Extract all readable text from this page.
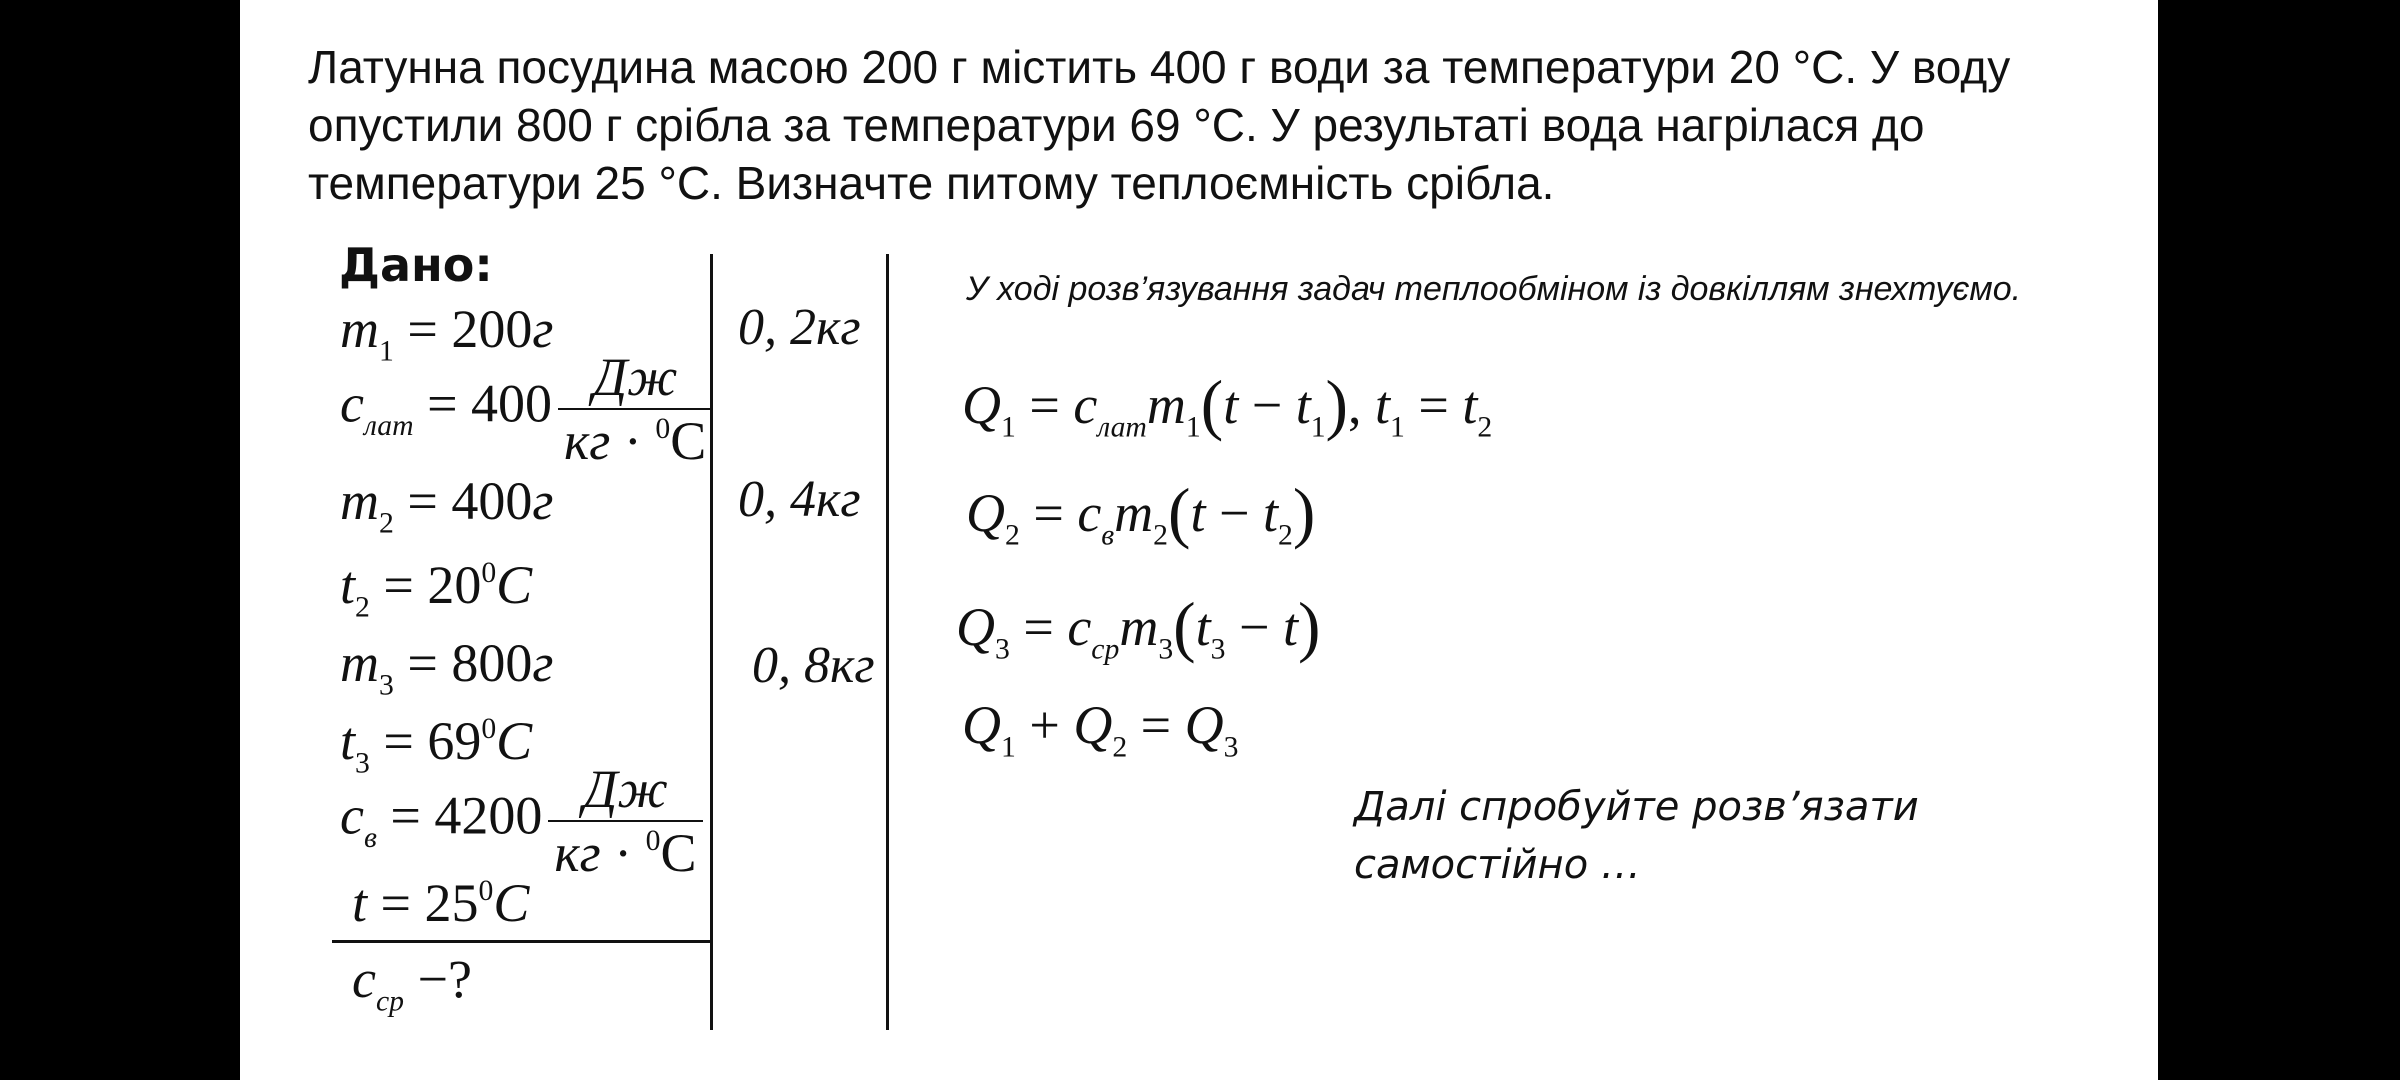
Латунна посудина масою 200 г містить 400 г води за температури 20 °С. У воду
опустили 800 г срібла за температури 69 °С. У результаті вода нагрілася до
температури 25 °С. Визначте питому теплоємність срібла.
Дано:
$m_1 = 200г$
$c_{лат} = 400 \frac{Дж}{кг \cdot ^0C}$
$m_2 = 400г$
$t_2 = 20^0C$
$m_3 = 800г$
$t_3 = 69^0C$
$c_в = 4200 \frac{Дж}{кг \cdot ^0C}$
$t = 25^0C$
$c_{ср}$ −?
0, 2кг
0, 4кг
0, 8кг
У ході розв’язування задач теплообміном із довкіллям знехтуємо.
$Q_1 = c_{лат}m_1(t - t_1)$, $t_1 = t_2$
$Q_2 = c_вm_2(t - t_2)$
$Q_3 = c_{ср}m_3(t_3 - t)$
$Q_1 + Q_2 = Q_3$
Далі спробуйте розв’язати
самостійно …
